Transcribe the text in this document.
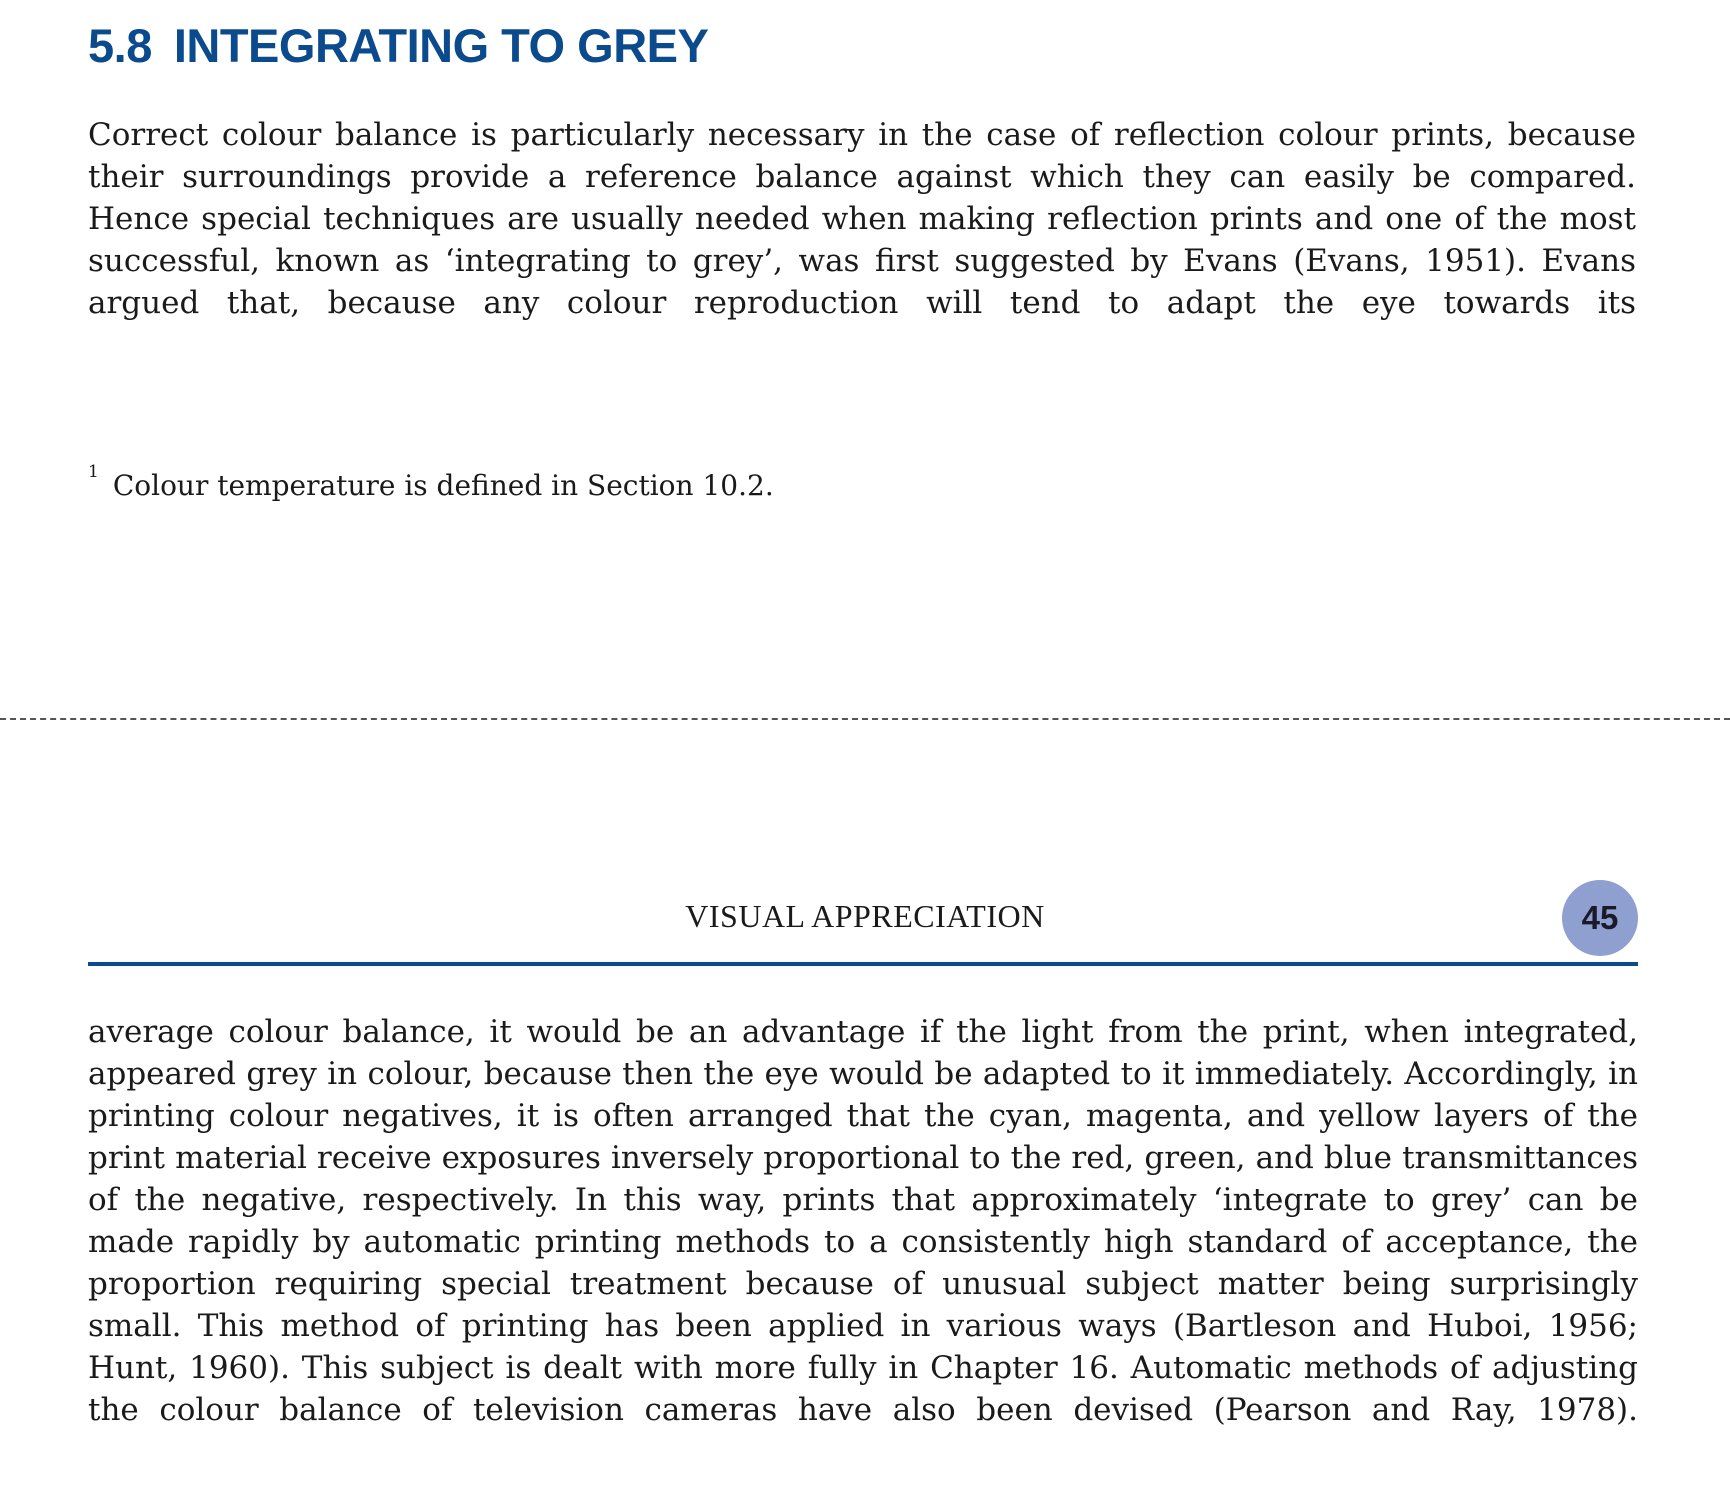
5.8 INTEGRATING TO GREY

Correct colour balance is particularly necessary in the case of reflection colour prints, because their surroundings provide a reference balance against which they can easily be compared. Hence special techniques are usually needed when making reflection prints and one of the most successful, known as ‘integrating to grey’, was first suggested by Evans (Evans, 1951). Evans argued that, because any colour reproduction will tend to adapt the eye towards its

$^1$ Colour temperature is defined in Section 10.2.
VISUAL APPRECIATION	45

average colour balance, it would be an advantage if the light from the print, when integrated, appeared grey in colour, because then the eye would be adapted to it immediately. Accordingly, in printing colour negatives, it is often arranged that the cyan, magenta, and yellow layers of the print material receive exposures inversely proportional to the red, green, and blue transmittances of the negative, respectively. In this way, prints that approximately ‘integrate to grey’ can be made rapidly by automatic printing methods to a consistently high standard of acceptance, the proportion requiring special treatment because of unusual subject matter being surprisingly small. This method of printing has been applied in various ways (Bartleson and Huboi, 1956; Hunt, 1960). This subject is dealt with more fully in Chapter 16. Automatic methods of adjusting the colour balance of television cameras have also been devised (Pearson and Ray, 1978).
